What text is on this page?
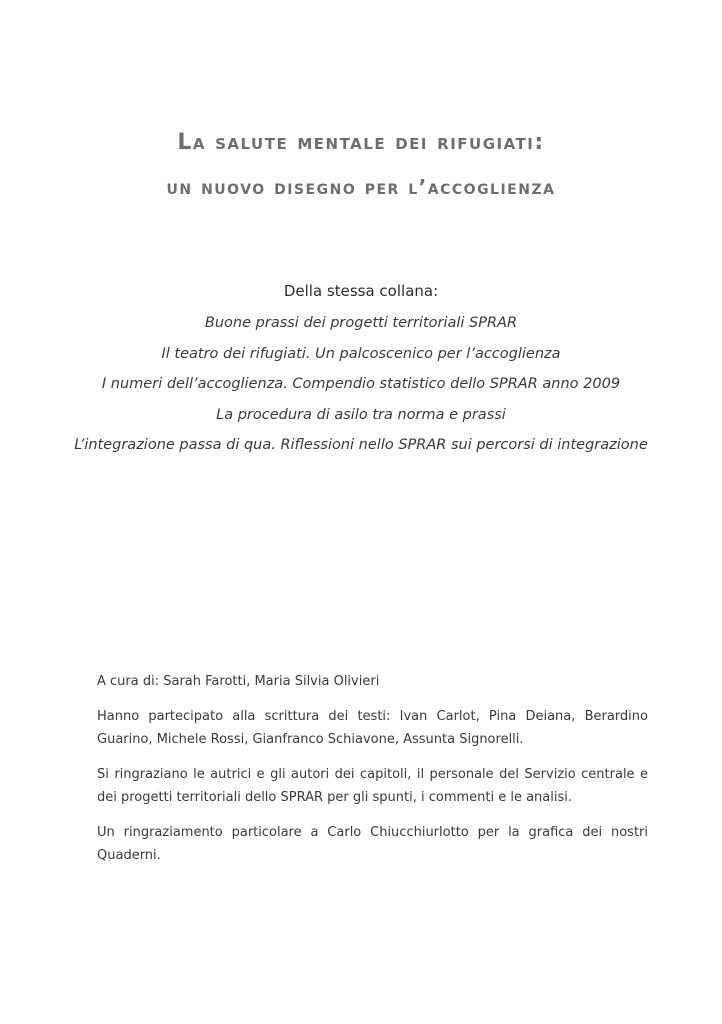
La salute mentale dei rifugiati:
un nuovo disegno per l’accoglienza
Della stessa collana:
Buone prassi dei progetti territoriali SPRAR
Il teatro dei rifugiati. Un palcoscenico per l’accoglienza
I numeri dell’accoglienza. Compendio statistico dello SPRAR anno 2009
La procedura di asilo tra norma e prassi
L’integrazione passa di qua. Riflessioni nello SPRAR sui percorsi di integrazione

A cura di: Sarah Farotti, Maria Silvia Olivieri

Hanno partecipato alla scrittura dei testi: Ivan Carlot, Pina Deiana, Berardino Guarino, Michele Rossi, Gianfranco Schiavone, Assunta Signorelli.

Si ringraziano le autrici e gli autori dei capitoli, il personale del Servizio centrale e dei progetti territoriali dello SPRAR per gli spunti, i commenti e le analisi.

Un ringraziamento particolare a Carlo Chiucchiurlotto per la grafica dei nostri Quaderni.
